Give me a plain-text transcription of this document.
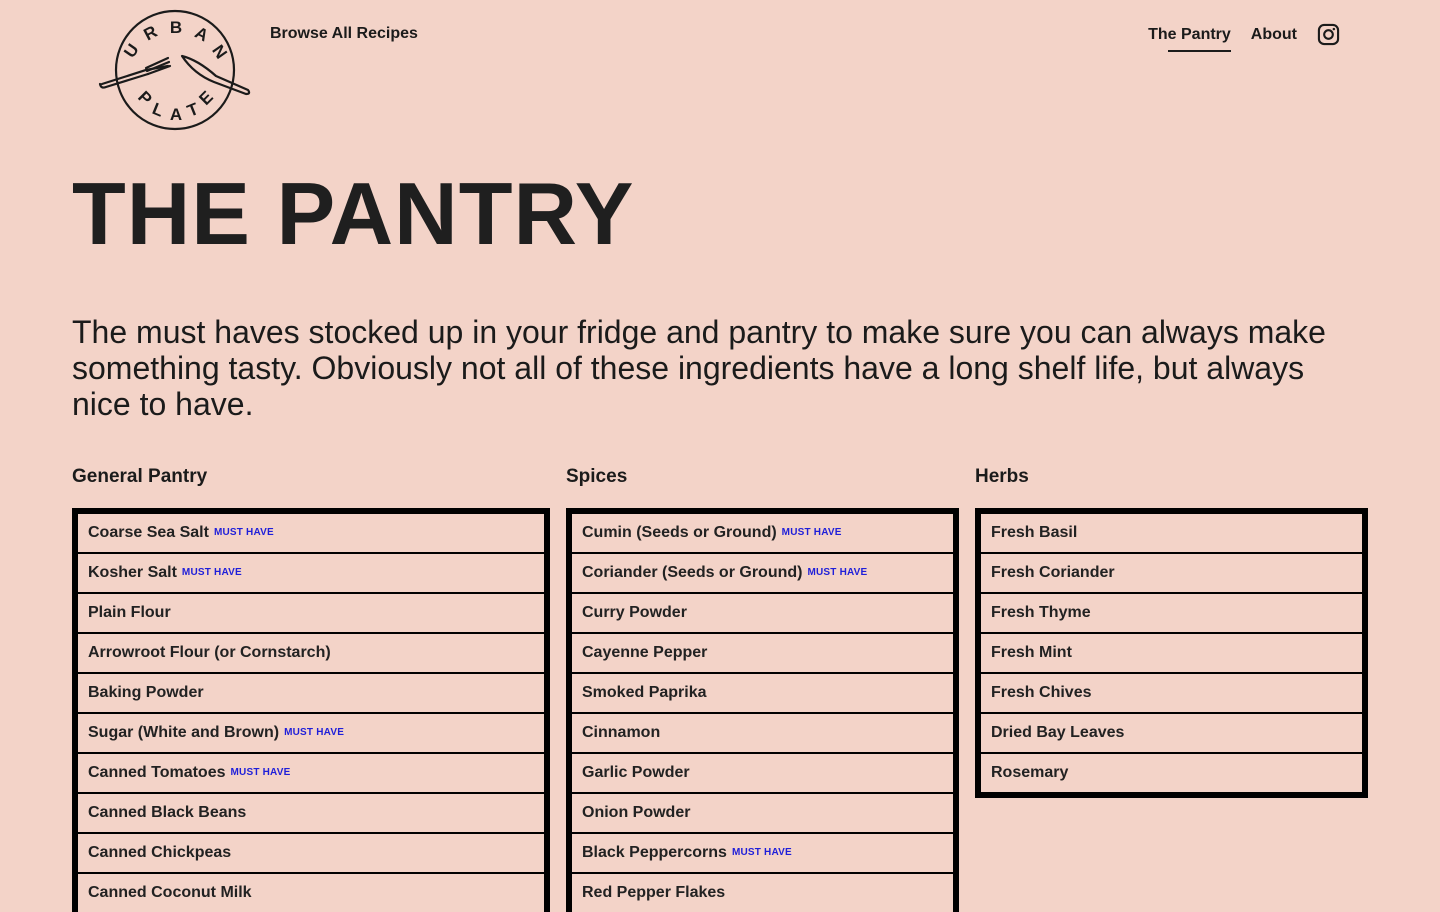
U
R B A
N
P
L A T
E
Browse All Recipes	The Pantry About
THE PANTRY

The must haves stocked up in your fridge and pantry to make sure you can always make something tasty. Obviously not all of these ingredients have a long shelf life, but always nice to have.

General Pantry
Coarse Sea Salt MUST HAVE
Kosher Salt MUST HAVE
Plain Flour
Arrowroot Flour (or Cornstarch)
Baking Powder
Sugar (White and Brown) MUST HAVE
Canned Tomatoes MUST HAVE
Canned Black Beans
Canned Chickpeas
Canned Coconut Milk
Spices
Cumin (Seeds or Ground) MUST HAVE
Coriander (Seeds or Ground) MUST HAVE
Curry Powder
Cayenne Pepper
Smoked Paprika
Cinnamon
Garlic Powder
Onion Powder
Black Peppercorns MUST HAVE
Red Pepper Flakes
Herbs
Fresh Basil
Fresh Coriander
Fresh Thyme
Fresh Mint
Fresh Chives
Dried Bay Leaves
Rosemary
